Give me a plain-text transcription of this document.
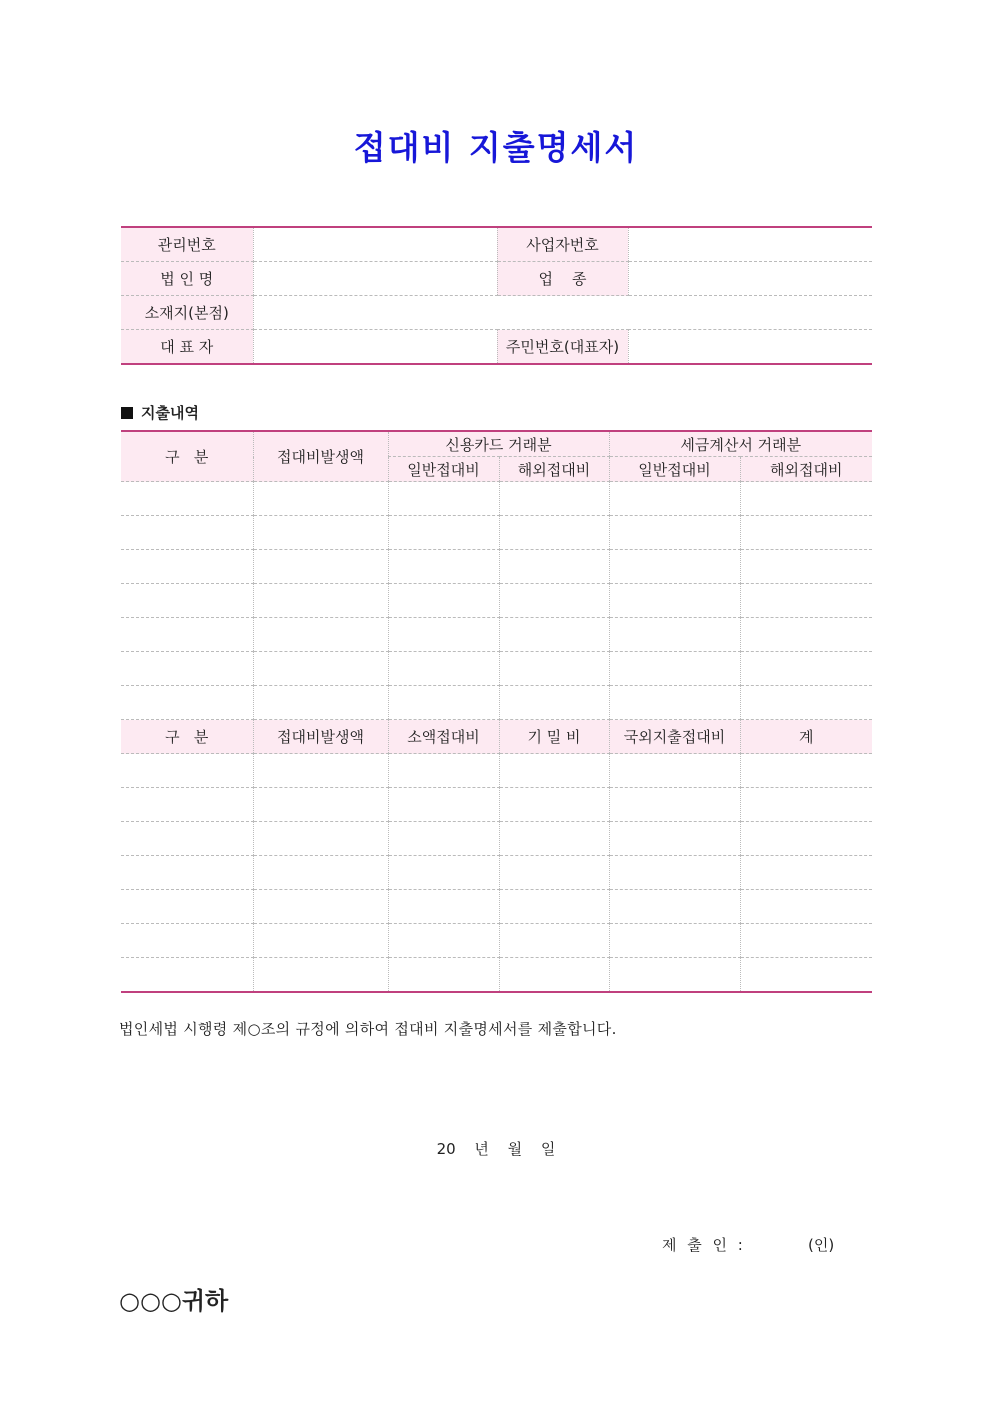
접대비 지출명세서
관리번호		사업자번호	
법 인 명		업    종	
소재지(본점)			
대 표 자		주민번호(대표자)	
지출내역
구   분	접대비발생액	신용카드 거래분		세금계산서 거래분	
		일반접대비	해외접대비	일반접대비	해외접대비

구   분	접대비발생액	소액접대비	기 밀 비	국외지출접대비	계

법인세법 시행령 제○조의 규정에 의하여 접대비 지출명세서를 제출합니다.
20 년 월 일
제 출 인 :	(인)
○○○귀하
